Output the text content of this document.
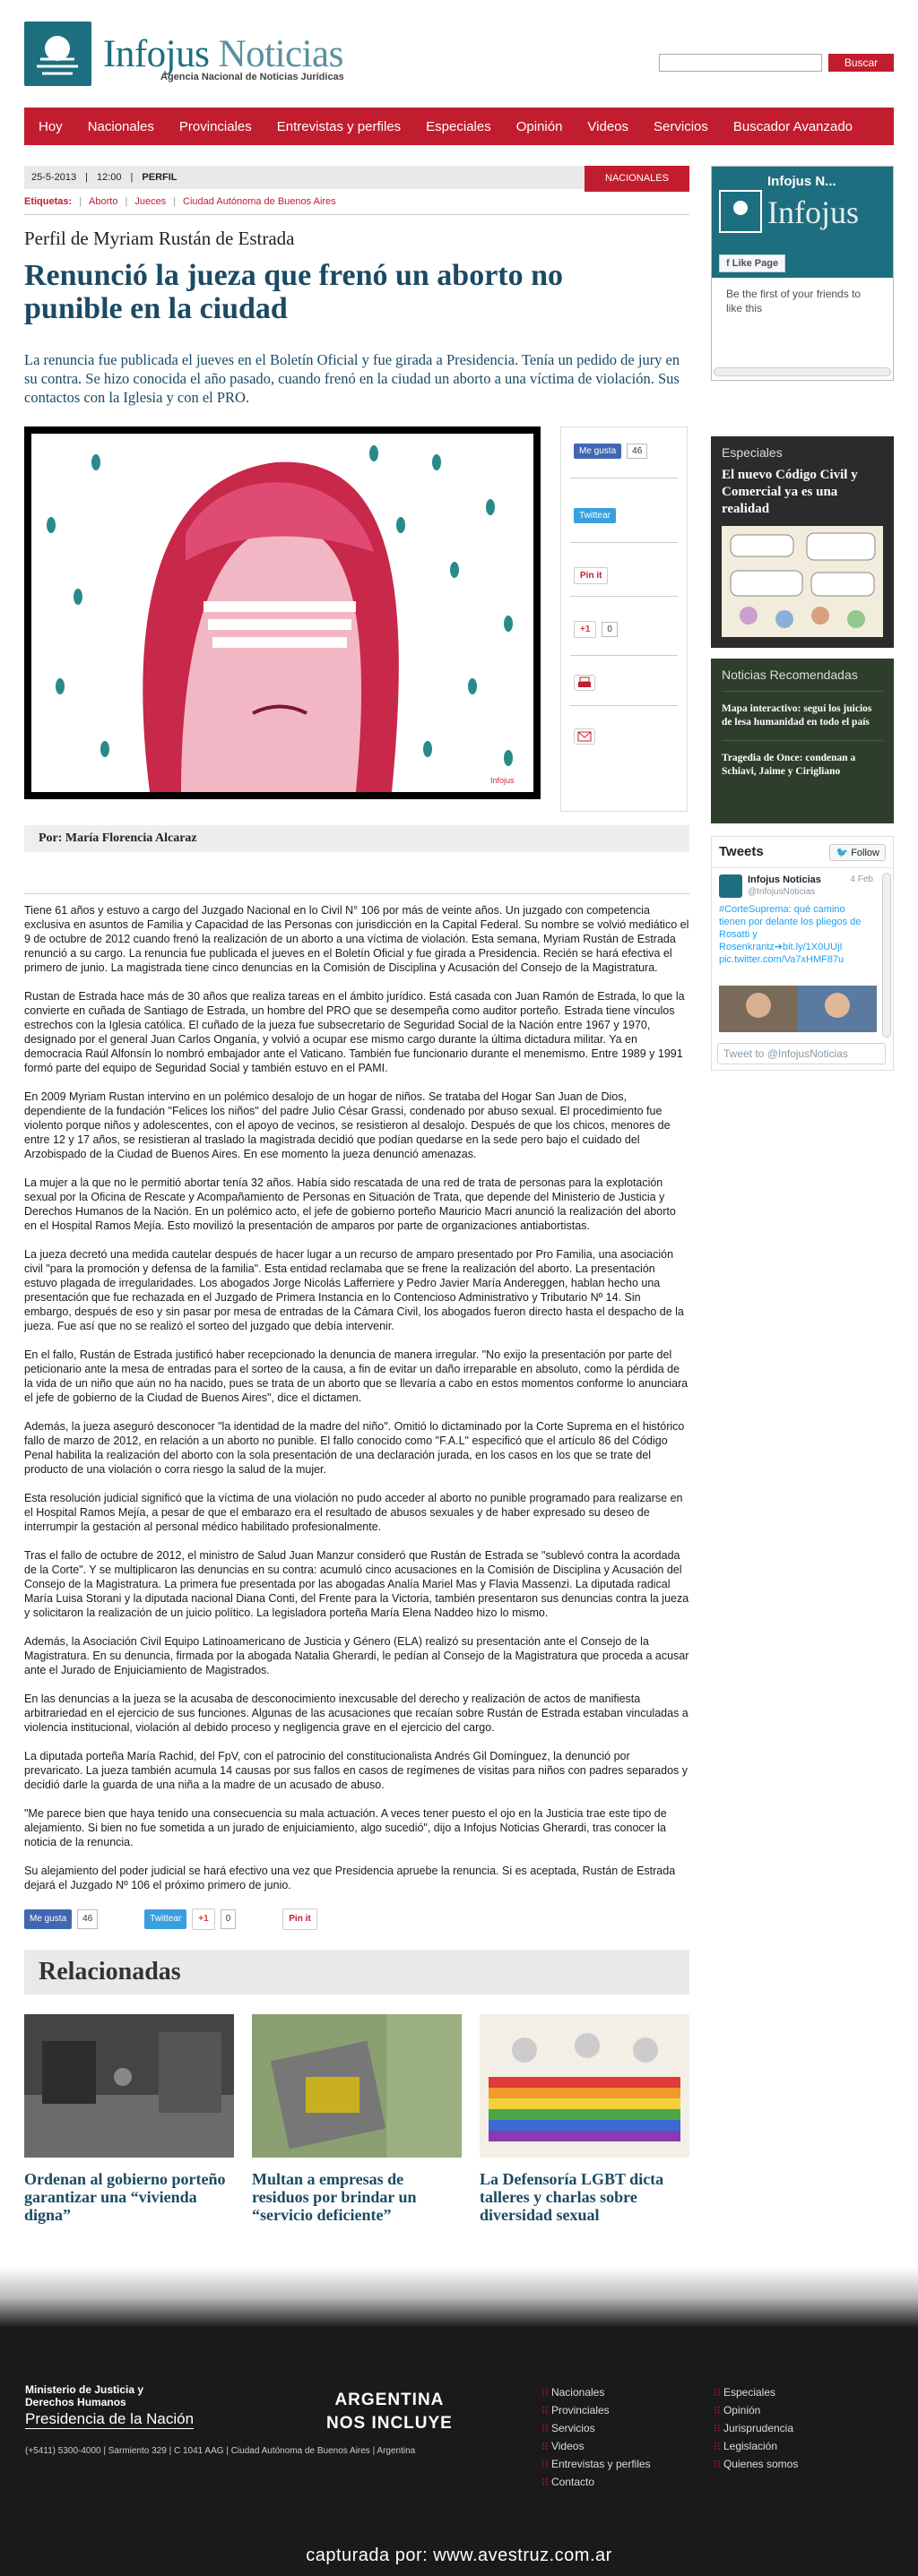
Infojus Noticias
Agencia Nacional de Noticias Jurídicas
Buscar
Hoy Nacionales Provinciales Entrevistas y perfiles Especiales Opinión Videos Servicios Buscador Avanzado
25-5-2013 | 12:00 | PERFIL	NACIONALES
Etiquetas: | Aborto | Jueces | Ciudad Autónoma de Buenos Aires
Perfil de Myriam Rustán de Estrada
Renunció la jueza que frenó un aborto no punible en la ciudad

La renuncia fue publicada el jueves en el Boletín Oficial y fue girada a Presidencia. Tenía un pedido de jury en su contra. Se hizo conocida el año pasado, cuando frenó en la ciudad un aborto a una víctima de violación. Sus contactos con la Iglesia y con el PRO.

Infojus
Me gusta	46
Twittear
Pin it
+1	0
Por: María Florencia Alcaraz

Tiene 61 años y estuvo a cargo del Juzgado Nacional en lo Civil N° 106 por más de veinte años. Un juzgado con competencia exclusiva en asuntos de Familia y Capacidad de las Personas con jurisdicción en la Capital Federal. Su nombre se volvió mediático el 9 de octubre de 2012 cuando frenó la realización de un aborto a una víctima de violación. Esta semana, Myriam Rustán de Estrada renunció a su cargo. La renuncia fue publicada el jueves en el Boletín Oficial y fue girada a Presidencia. Recién se hará efectiva el primero de junio. La magistrada tiene cinco denuncias en la Comisión de Disciplina y Acusación del Consejo de la Magistratura.

Rustan de Estrada hace más de 30 años que realiza tareas en el ámbito jurídico. Está casada con Juan Ramón de Estrada, lo que la convierte en cuñada de Santiago de Estrada, un hombre del PRO que se desempeña como auditor porteño. Estrada tiene vínculos estrechos con la Iglesia católica. El cuñado de la jueza fue subsecretario de Seguridad Social de la Nación entre 1967 y 1970, designado por el general Juan Carlos Onganía, y volvió a ocupar ese mismo cargo durante la última dictadura militar. Ya en democracia Raúl Alfonsín lo nombró embajador ante el Vaticano. También fue funcionario durante el menemismo. Entre 1989 y 1991 formó parte del equipo de Seguridad Social y también estuvo en el PAMI.

En 2009 Myriam Rustan intervino en un polémico desalojo de un hogar de niños. Se trataba del Hogar San Juan de Dios, dependiente de la fundación "Felices los niños" del padre Julio César Grassi, condenado por abuso sexual. El procedimiento fue violento porque niños y adolescentes, con el apoyo de vecinos, se resistieron al desalojo. Después de que los chicos, menores de entre 12 y 17 años, se resistieran al traslado la magistrada decidió que podían quedarse en la sede pero bajo el cuidado del Arzobispado de la Ciudad de Buenos Aires. En ese momento la jueza denunció amenazas.

La mujer a la que no le permitió abortar tenía 32 años. Había sido rescatada de una red de trata de personas para la explotación sexual por la Oficina de Rescate y Acompañamiento de Personas en Situación de Trata, que depende del Ministerio de Justicia y Derechos Humanos de la Nación. En un polémico acto, el jefe de gobierno porteño Mauricio Macri anunció la realización del aborto en el Hospital Ramos Mejía. Esto movilizó la presentación de amparos por parte de organizaciones antiabortistas.

La jueza decretó una medida cautelar después de hacer lugar a un recurso de amparo presentado por Pro Familia, una asociación civil "para la promoción y defensa de la familia". Esta entidad reclamaba que se frene la realización del aborto. La presentación estuvo plagada de irregularidades. Los abogados Jorge Nicolás Lafferriere y Pedro Javier María Andereggen, hablan hecho una presentación que fue rechazada en el Juzgado de Primera Instancia en lo Contencioso Administrativo y Tributario Nº 14. Sin embargo, después de eso y sin pasar por mesa de entradas de la Cámara Civil, los abogados fueron directo hasta el despacho de la jueza. Fue así que no se realizó el sorteo del juzgado que debía intervenir.

En el fallo, Rustán de Estrada justificó haber recepcionado la denuncia de manera irregular. "No exijo la presentación por parte del peticionario ante la mesa de entradas para el sorteo de la causa, a fin de evitar un daño irreparable en absoluto, como la pérdida de la vida de un niño que aún no ha nacido, pues se trata de un aborto que se llevaría a cabo en estos momentos conforme lo anunciara el jefe de gobierno de la Ciudad de Buenos Aires", dice el dictamen.

Además, la jueza aseguró desconocer "la identidad de la madre del niño". Omitió lo dictaminado por la Corte Suprema en el histórico fallo de marzo de 2012, en relación a un aborto no punible. El fallo conocido como "F.A.L" especificó que el artículo 86 del Código Penal habilita la realización del aborto con la sola presentación de una declaración jurada, en los casos en los que se trate del producto de una violación o corra riesgo la salud de la mujer.

Esta resolución judicial significó que la víctima de una violación no pudo acceder al aborto no punible programado para realizarse en el Hospital Ramos Mejía, a pesar de que el embarazo era el resultado de abusos sexuales y de haber expresado su deseo de interrumpir la gestación al personal médico habilitado profesionalmente.

Tras el fallo de octubre de 2012, el ministro de Salud Juan Manzur consideró que Rustán de Estrada se "sublevó contra la acordada de la Corte". Y se multiplicaron las denuncias en su contra: acumuló cinco acusaciones en la Comisión de Disciplina y Acusación del Consejo de la Magistratura. La primera fue presentada por las abogadas Analía Mariel Mas y Flavia Massenzi. La diputada radical María Luisa Storani y la diputada nacional Diana Conti, del Frente para la Victoria, también presentaron sus denuncias contra la jueza y solicitaron la realización de un juicio político. La legisladora porteña María Elena Naddeo hizo lo mismo.

Además, la Asociación Civil Equipo Latinoamericano de Justicia y Género (ELA) realizó su presentación ante el Consejo de la Magistratura. En su denuncia, firmada por la abogada Natalia Gherardi, le pedían al Consejo de la Magistratura que proceda a acusar ante el Jurado de Enjuiciamiento de Magistrados.

En las denuncias a la jueza se la acusaba de desconocimiento inexcusable del derecho y realización de actos de manifiesta arbitrariedad en el ejercicio de sus funciones. Algunas de las acusaciones que recaían sobre Rustán de Estrada estaban vinculadas a violencia institucional, violación al debido proceso y negligencia grave en el ejercicio del cargo.

La diputada porteña María Rachid, del FpV, con el patrocinio del constitucionalista Andrés Gil Domínguez, la denunció por prevaricato. La jueza también acumula 14 causas por sus fallos en casos de regímenes de visitas para niños con padres separados y decidió darle la guarda de una niña a la madre de un acusado de abuso.

"Me parece bien que haya tenido una consecuencia su mala actuación. A veces tener puesto el ojo en la Justicia trae este tipo de alejamiento. Si bien no fue sometida a un jurado de enjuiciamiento, algo sucedió", dijo a Infojus Noticias Gherardi, tras conocer la noticia de la renuncia.

Su alejamiento del poder judicial se hará efectivo una vez que Presidencia apruebe la renuncia. Si es aceptada, Rustán de Estrada dejará el Juzgado Nº 106 el próximo primero de junio.

Me gusta	46	Twittear	+1	0	Pin it
Relacionadas
Ordenan al gobierno porteño garantizar una “vivienda digna”
Multan a empresas de residuos por brindar un “servicio deficiente”
La Defensoría LGBT dicta talleres y charlas sobre diversidad sexual
Infojus N...
Infojus
f Like Page
Be the first of your friends to like this
Especiales
El nuevo Código Civil y Comercial ya es una realidad
Noticias Recomendadas
Mapa interactivo: seguí los juicios de lesa humanidad en todo el país
Tragedia de Once: condenan a Schiavi, Jaime y Cirigliano
Tweets	🐦 Follow
Infojus Noticias	4 Feb
@InfojusNoticias
#CorteSuprema: qué camino tienen por delante los pliegos de Rosatti y Rosenkrantz➔bit.ly/1X0UUjI pic.twitter.com/Va7xHMF87u
Tweet to @InfojusNoticias
Ministerio de Justicia y Derechos Humanos
Presidencia de la Nación
ARGENTINA
NOS INCLUYE
(+5411) 5300-4000 | Sarmiento 329 | C 1041 AAG | Ciudad Autónoma de Buenos Aires | Argentina
⁝⁝ Nacionales
⁝⁝ Provinciales
⁝⁝ Servicios
⁝⁝ Videos
⁝⁝ Entrevistas y perfiles
⁝⁝ Contacto
⁝⁝ Especiales
⁝⁝ Opinión
⁝⁝ Jurisprudencia
⁝⁝ Legislación
⁝⁝ Quienes somos
capturada por: www.avestruz.com.ar
